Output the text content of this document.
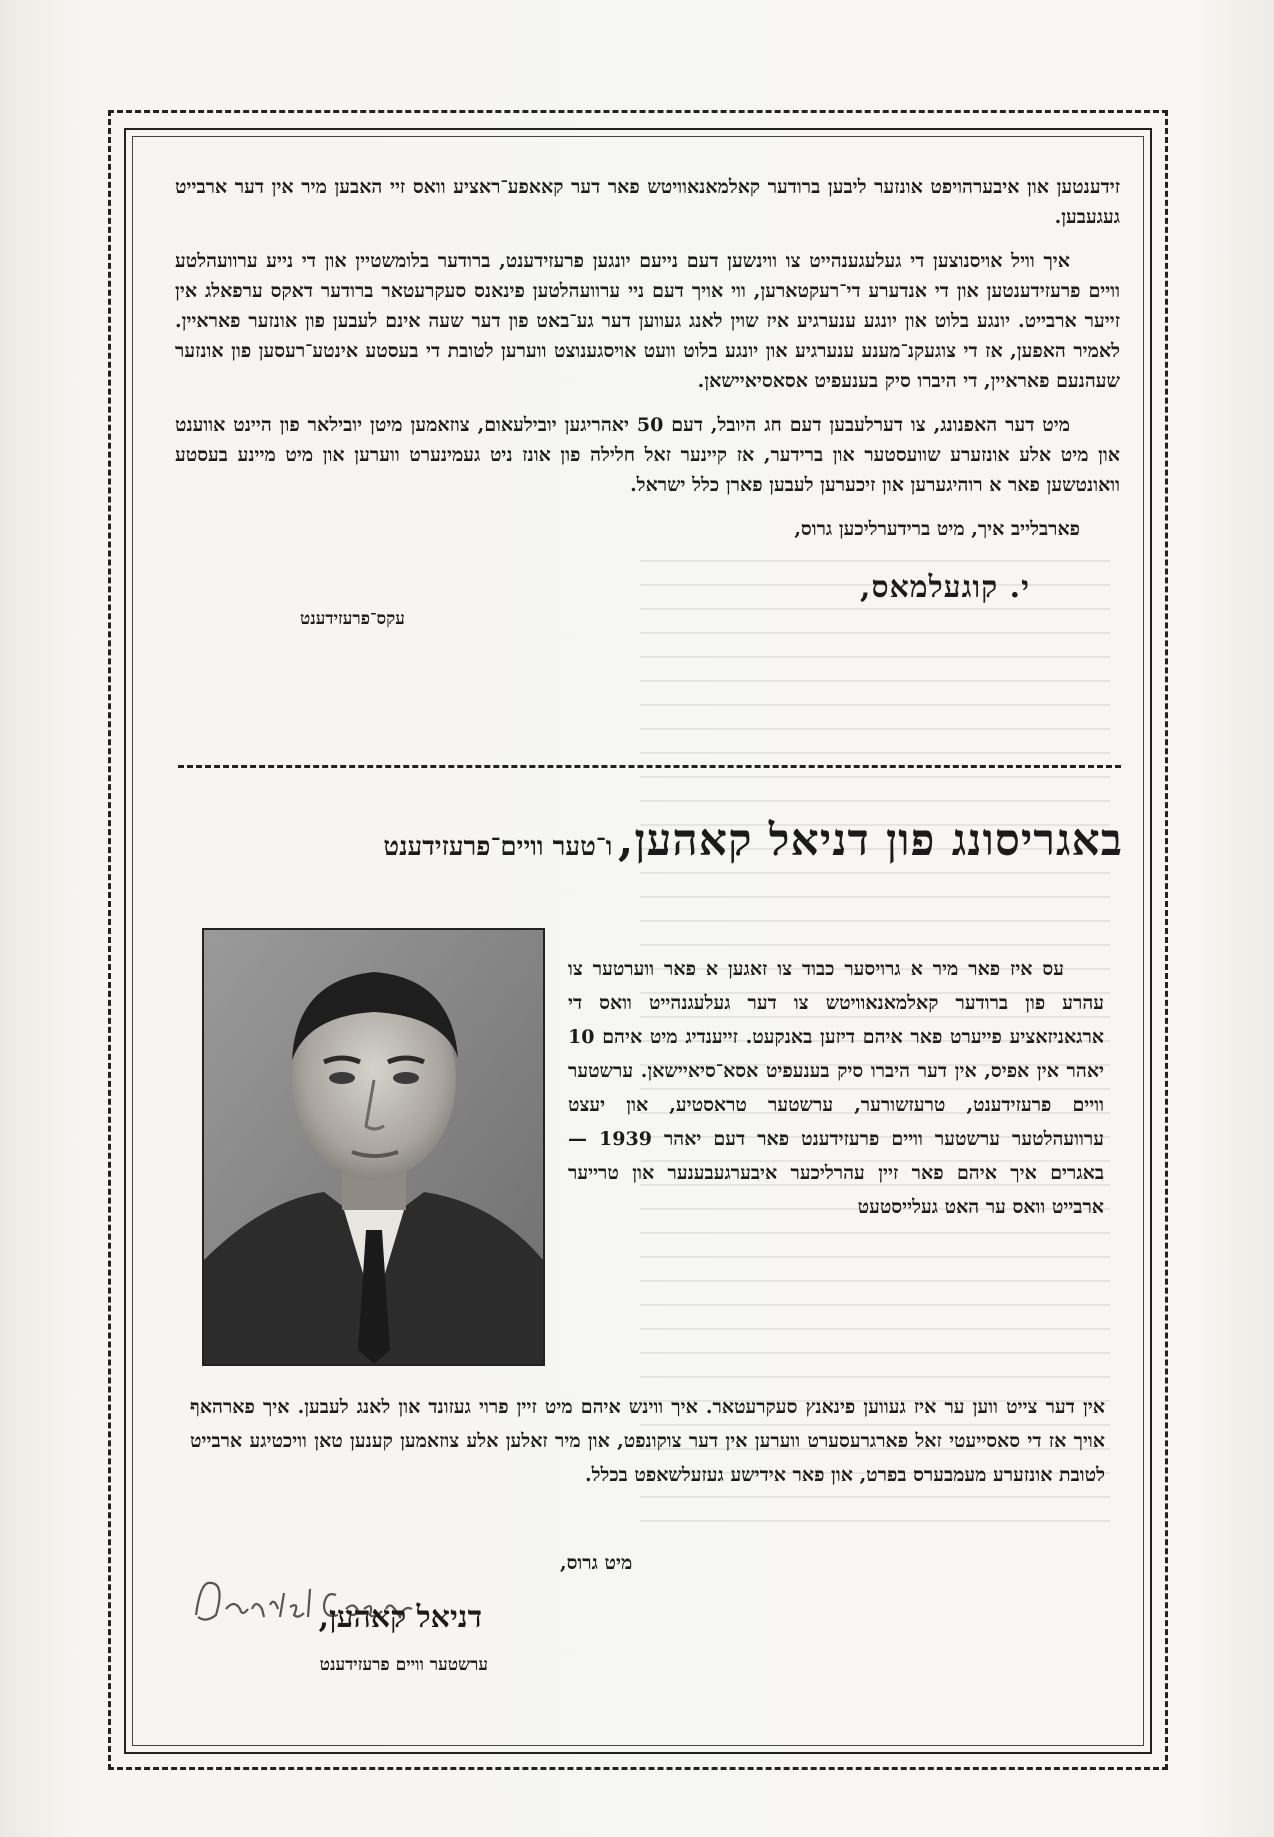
זידענטען און איבערהויפט אונזער ליבען ברודער קאלמאנאוויטש פאר דער קאאפע־ראציע וואס זיי האבען מיר אין דער ארבייט געגעבען.

איך וויל אויסנוצען די געלעגענהייט צו ווינשען דעם נייעם יונגען פרעזידענט, ברודער בלומשטיין און די נייע ערוועהלטע וויים פרעזידענטען און די אנדערע די־רעקטארען, ווי אויך דעם ניי ערוועהלטען פינאנס סעקרעטאר ברודער דאקס ערפאלג אין זייער ארבייט. יונגע בלוט און יונגע ענערגיע איז שוין לאנג געווען דער גע־באט פון דער שעה אינם לעבען פון אונזער פאראיין. לאמיר האפען, אז די צוגעקנ־מענע ענערגיע און יונגע בלוט וועט אויסגענוצט ווערען לטובת די בעסטע אינטע־רעסען פון אונזער שעהנעם פאראיין, די היברו סיק בענעפיט אסאסיאיישאן.

מיט דער האפנונג, צו דערלעבען דעם חג היובל, דעם 50 יאהריגען יובילעאום, צוזאמען מיטן יובילאר פון היינט אווענט און מיט אלע אונזערע שוועסטער און ברידער, אז קיינער זאל חלילה פון אונז ניט געמינערט ווערען און מיט מיינע בעסטע וואונטשען פאר א רוהיגערען און זיכערען לעבען פארן כלל ישראל.

פארבלייב איך, מיט ברידערליכען גרוס,

י. קוגעלמאס,
עקס־פרעזידענט
באגריסונג פון דניאל קאהען, ו־טער וויים־פרעזידענט

עס איז פאר מיר א גרויסער כבוד צו זאגען א פאר ווערטער צו עהרע פון ברודער קאלמאנאוויטש צו דער געלעגנהייט וואס די ארגאניזאציע פייערט פאר איהם דיזען באנקעט. זייענדיג מיט איהם 10 יאהר אין אפיס, אין דער היברו סיק בענעפיט אסא־סיאיישאן. ערשטער וויים פרעזידענט, טרעזשורער, ערשטער טראסטיע, און יעצט ערוועהלטער ערשטער וויים פרעזידענט פאר דעם יאהר 1939 — באגרים איך איהם פאר זיין עהרליכער איבערגעבענער און טרייער ארבייט וואס ער האט געלייסטעט

אין דער צייט ווען ער איז געווען פינאנץ סעקרעטאר. איך ווינש איהם מיט זיין פרוי געזונד און לאנג לעבען. איך פארהאף אויך אז די סאסייעטי זאל פארגרעסערט ווערען אין דער צוקונפט, און מיר זאלען אלע צוזאמען קענען טאן וויכטיגע ארבייט לטובת אונזערע מעמבערס בפרט, און פאר אידישע געזעלשאפט בכלל.

מיט גרוס,
דניאל קאהען,
ערשטער וויים פרעזידענט
